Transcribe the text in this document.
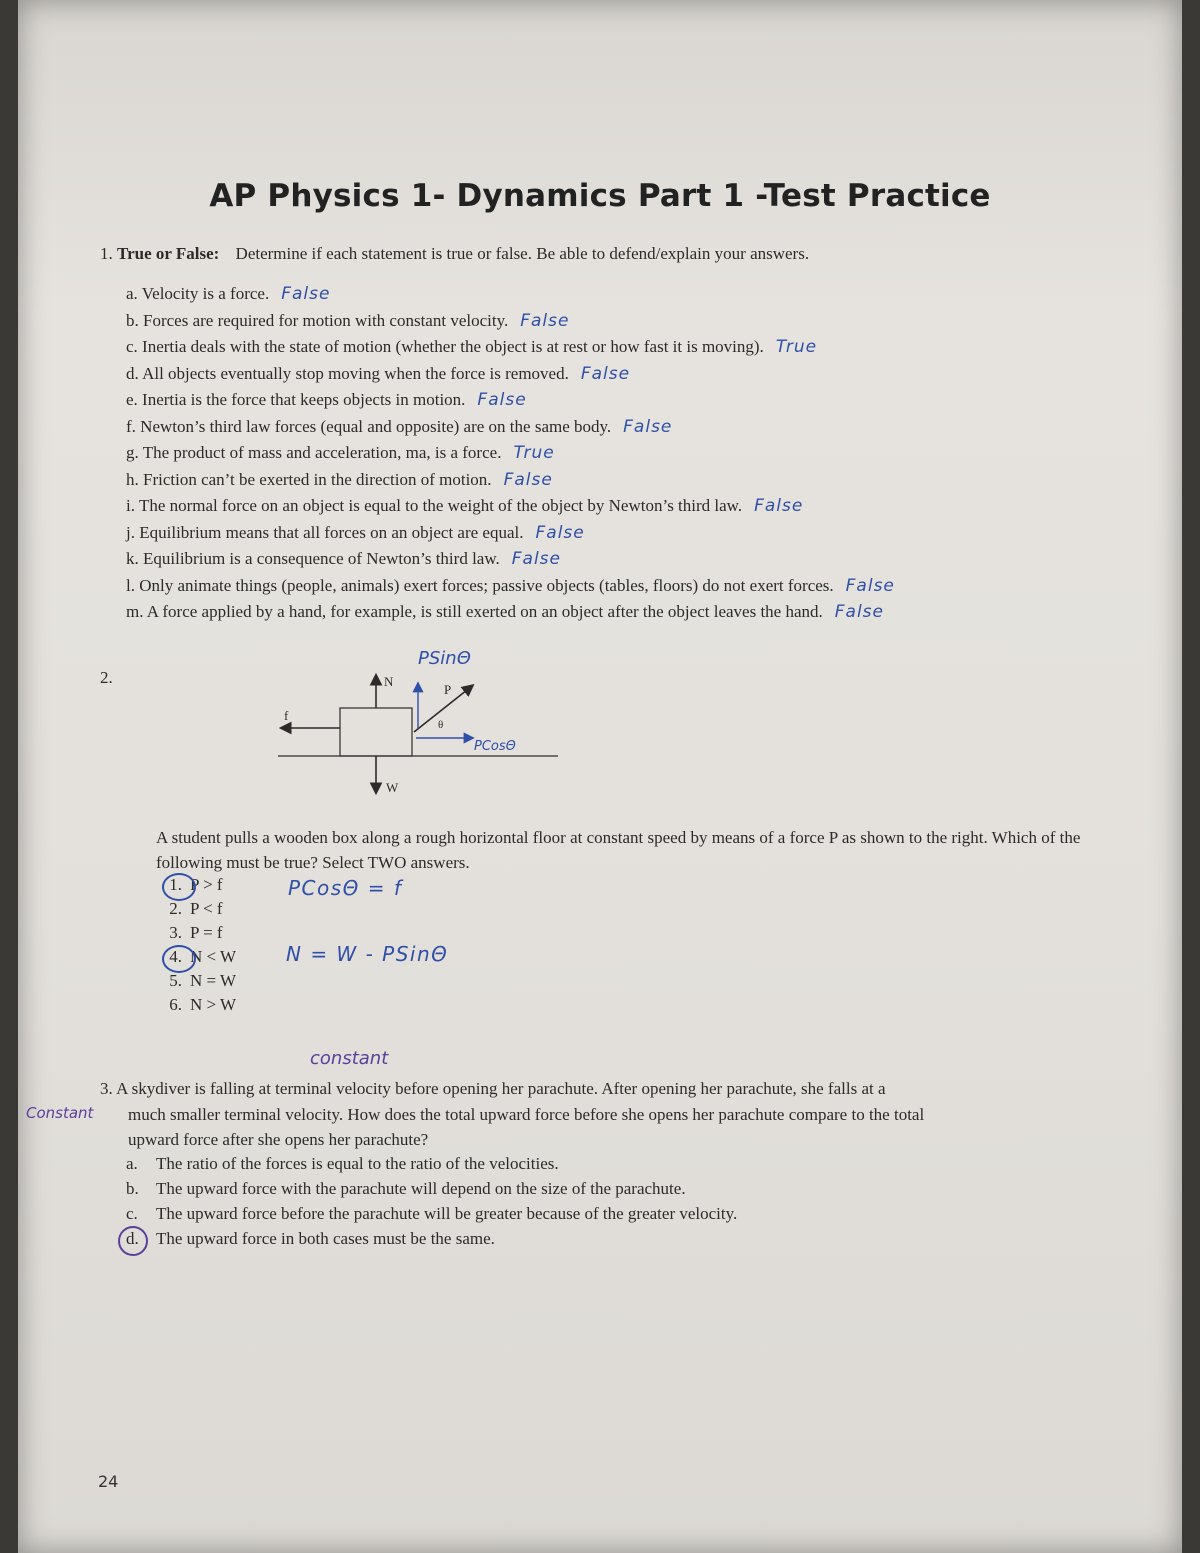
AP Physics 1- Dynamics Part 1 -Test Practice
1. True or False: Determine if each statement is true or false. Be able to defend/explain your answers.
a. Velocity is a force. False
b. Forces are required for motion with constant velocity. False
c. Inertia deals with the state of motion (whether the object is at rest or how fast it is moving). True
d. All objects eventually stop moving when the force is removed. False
e. Inertia is the force that keeps objects in motion. False
f. Newton’s third law forces (equal and opposite) are on the same body. False
g. The product of mass and acceleration, ma, is a force. True
h. Friction can’t be exerted in the direction of motion. False
i. The normal force on an object is equal to the weight of the object by Newton’s third law. False
j. Equilibrium means that all forces on an object are equal. False
k. Equilibrium is a consequence of Newton’s third law. False
l. Only animate things (people, animals) exert forces; passive objects (tables, floors) do not exert forces. False
m. A force applied by a hand, for example, is still exerted on an object after the object leaves the hand. False
2.	N
W
f
P
θ
PSinΘ
PCosΘ
A student pulls a wooden box along a rough horizontal floor at constant speed by means of a force P as shown to the right. Which of the following must be true? Select TWO answers.
1. P > f
2. P < f
3. P = f
4. N < W
5. N = W
6. N > W
PCosΘ = f
N = W - PSinΘ
constant
Constant
3. A skydiver is falling at terminal velocity before opening her parachute. After opening her parachute, she falls at a
much smaller terminal velocity. How does the total upward force before she opens her parachute compare to the total
upward force after she opens her parachute?
a. The ratio of the forces is equal to the ratio of the velocities.
b. The upward force with the parachute will depend on the size of the parachute.
c. The upward force before the parachute will be greater because of the greater velocity.
d. The upward force in both cases must be the same.
24
